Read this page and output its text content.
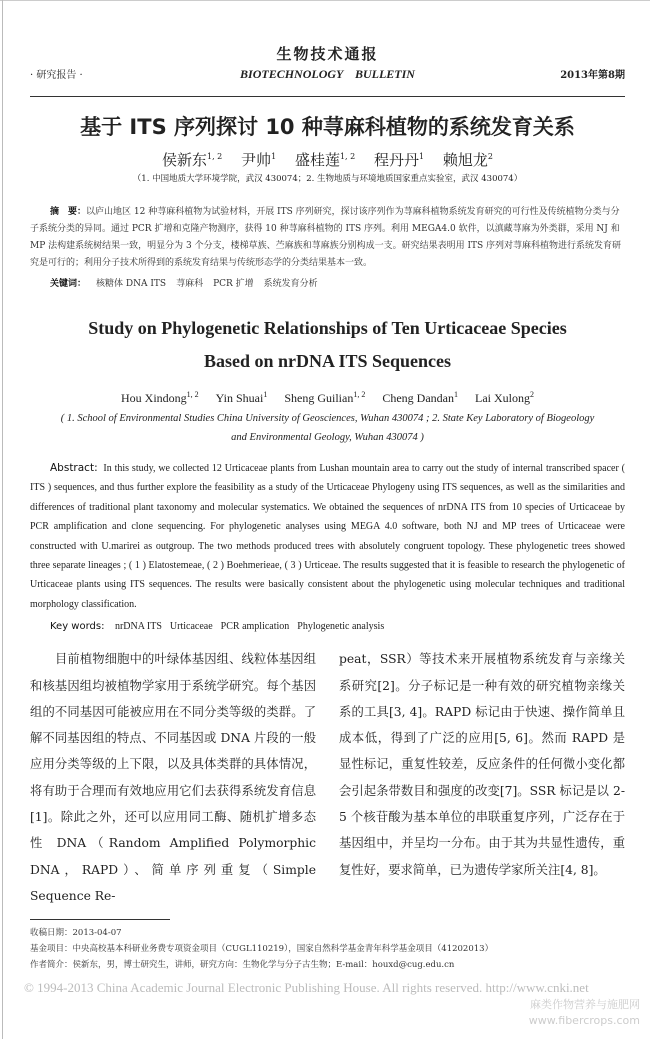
生物技术通报
· 研究报告 ·	BIOTECHNOLOGY    BULLETIN	2013年第8期
基于 ITS 序列探讨 10 种荨麻科植物的系统发育关系
侯新东$^{1, 2}$ 尹帅$^1$ 盛桂莲$^{1, 2}$ 程丹丹$^1$ 赖旭龙$^2$
（1. 中国地质大学环境学院，武汉 430074；2. 生物地质与环境地质国家重点实验室，武汉 430074）
摘　要：以庐山地区 12 种荨麻科植物为试验材料，开展 ITS 序列研究，探讨该序列作为荨麻科植物系统发育研究的可行性及传统植物分类与分子系统分类的异同。通过 PCR 扩增和克隆产物测序，获得 10 种荨麻科植物的 ITS 序列。利用 MEGA4.0 软件，以滇藏荨麻为外类群，采用 NJ 和 MP 法构建系统树结果一致，明显分为 3 个分支，楼梯草族、苎麻族和荨麻族分别构成一支。研究结果表明用 ITS 序列对荨麻科植物进行系统发育研究是可行的；利用分子技术所得到的系统发育结果与传统形态学的分类结果基本一致。
关键词： 核糖体 DNA ITS 荨麻科 PCR 扩增 系统发育分析
Study on Phylogenetic Relationships of Ten Urticaceae Species
Based on nrDNA ITS Sequences
Hou Xindong$^{1, 2}$ Yin Shuai$^1$ Sheng Guilian$^{1, 2}$ Cheng Dandan$^1$ Lai Xulong$^2$
( 1. School of Environmental Studies China University of Geosciences, Wuhan 430074 ; 2. State Key Laboratory of Biogeology and Environmental Geology, Wuhan 430074 )
Abstract: In this study, we collected 12 Urticaceae plants from Lushan mountain area to carry out the study of internal transcribed spacer ( ITS ) sequences, and thus further explore the feasibility as a study of the Urticaceae Phylogeny using ITS sequences, as well as the similarities and differences of traditional plant taxonomy and molecular systematics. We obtained the sequences of nrDNA ITS from 10 species of Urticaceae by PCR amplification and clone sequencing. For phylogenetic analyses using MEGA 4.0 software, both NJ and MP trees of Urticaceae were constructed with U.marirei as outgroup. The two methods produced trees with absolutely congruent topology. These phylogenetic trees showed three separate lineages ; ( 1 ) Elatostemeae, ( 2 ) Boehmerieae, ( 3 ) Urticeae. The results suggested that it is feasible to research the phylogenetic of Urticaceae plants using ITS sequences. The results were basically consistent about the phylogenetic using molecular techniques and traditional morphology classification.
Key words: nrDNA ITS Urticaceae PCR amplication Phylogenetic analysis
目前植物细胞中的叶绿体基因组、线粒体基因组和核基因组均被植物学家用于系统学研究。每个基因组的不同基因可能被应用在不同分类等级的类群。了解不同基因组的特点、不同基因或 DNA 片段的一般应用分类等级的上下限，以及具体类群的具体情况，将有助于合理而有效地应用它们去获得系统发育信息[1]。除此之外，还可以应用同工酶、随机扩增多态性 DNA（Random Amplified Polymorphic DNA，RAPD）、简单序列重复（Simple Sequence Re-
peat，SSR）等技术来开展植物系统发育与亲缘关系研究[2]。分子标记是一种有效的研究植物亲缘关系的工具[3, 4]。RAPD 标记由于快速、操作简单且成本低，得到了广泛的应用[5, 6]。然而 RAPD 是显性标记，重复性较差，反应条件的任何微小变化都会引起条带数目和强度的改变[7]。SSR 标记是以 2-5 个核苷酸为基本单位的串联重复序列，广泛存在于基因组中，并呈均一分布。由于其为共显性遗传，重复性好，要求简单，已为遗传学家所关注[4, 8]。
收稿日期：2013-04-07
基金项目：中央高校基本科研业务费专项资金项目（CUGL110219），国家自然科学基金青年科学基金项目（41202013）
作者简介：侯新东，男，博士研究生，讲师，研究方向：生物化学与分子古生物；E-mail：houxd@cug.edu.cn
© 1994-2013 China Academic Journal Electronic Publishing House. All rights reserved. http://www.cnki.net
麻类作物营养与施肥网
www.fibercrops.com
